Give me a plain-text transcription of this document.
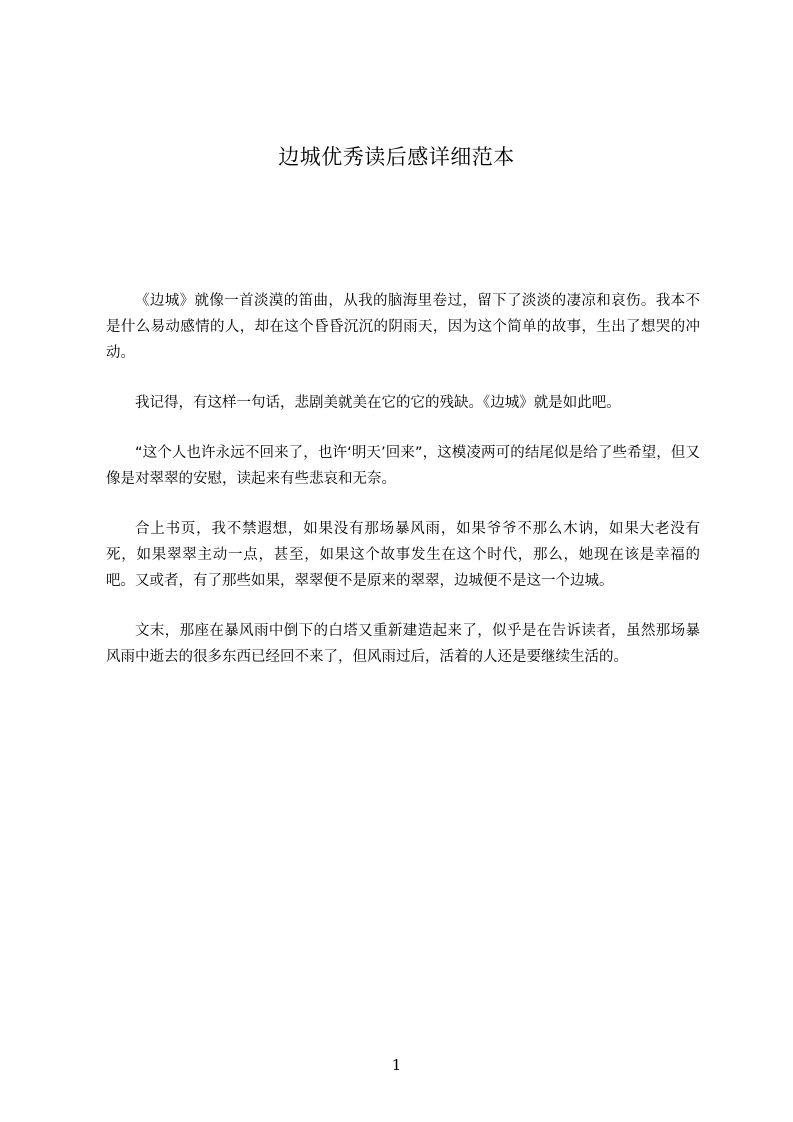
边城优秀读后感详细范本

《边城》就像一首淡漠的笛曲，从我的脑海里卷过，留下了淡淡的凄凉和哀伤。我本不是什么易动感情的人，却在这个昏昏沉沉的阴雨天，因为这个简单的故事，生出了想哭的冲动。

我记得，有这样一句话，悲剧美就美在它的它的残缺。《边城》就是如此吧。

“这个人也许永远不回来了，也许‘明天’回来”，这模凌两可的结尾似是给了些希望，但又像是对翠翠的安慰，读起来有些悲哀和无奈。

合上书页，我不禁遐想，如果没有那场暴风雨，如果爷爷不那么木讷，如果大老没有死，如果翠翠主动一点，甚至，如果这个故事发生在这个时代，那么，她现在该是幸福的吧。又或者，有了那些如果，翠翠便不是原来的翠翠，边城便不是这一个边城。

文末，那座在暴风雨中倒下的白塔又重新建造起来了，似乎是在告诉读者，虽然那场暴风雨中逝去的很多东西已经回不来了，但风雨过后，活着的人还是要继续生活的。

1
